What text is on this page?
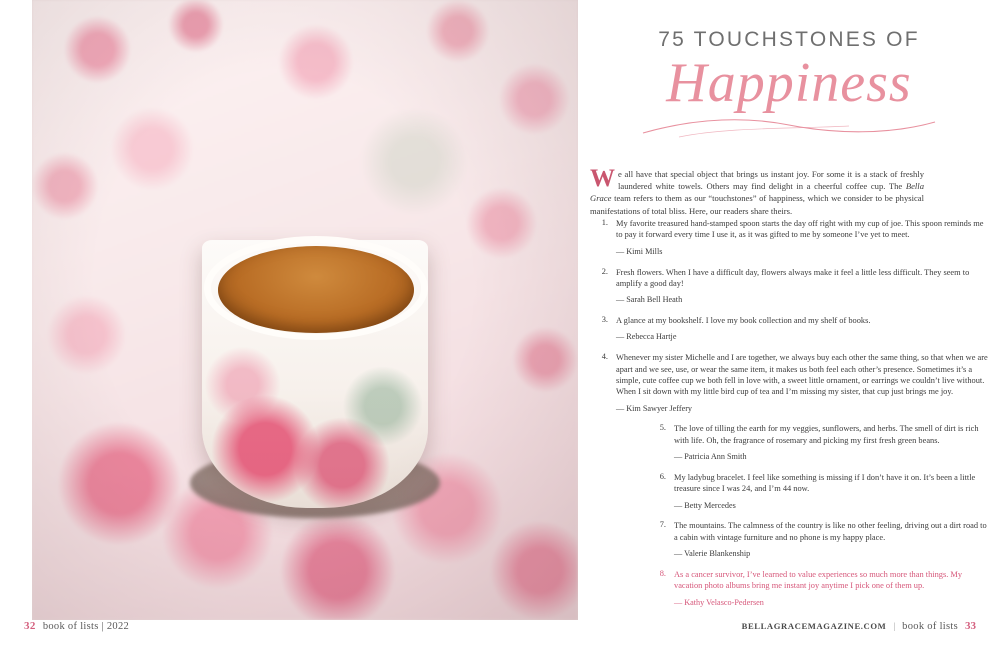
32 book of lists | 2022
75 TOUCHSTONES OF
Happiness
We all have that special object that brings us instant joy. For some it is a stack of freshly laundered white towels. Others may find delight in a cheerful coffee cup. The Bella Grace team refers to them as our “touchstones” of happiness, which we consider to be physical manifestations of total bliss. Here, our readers share theirs.
1. My favorite treasured hand-stamped spoon starts the day off right with my cup of joe. This spoon reminds me to pay it forward every time I use it, as it was gifted to me by someone I’ve yet to meet.
— Kimi Mills
2. Fresh flowers. When I have a difficult day, flowers always make it feel a little less difficult. They seem to amplify a good day!
— Sarah Bell Heath
3. A glance at my bookshelf. I love my book collection and my shelf of books.
— Rebecca Hartje
4. Whenever my sister Michelle and I are together, we always buy each other the same thing, so that when we are apart and we see, use, or wear the same item, it makes us both feel each other’s presence. Sometimes it’s a simple, cute coffee cup we both fell in love with, a sweet little ornament, or earrings we couldn’t live without. When I sit down with my little bird cup of tea and I’m missing my sister, that cup just brings me joy.
— Kim Sawyer Jeffery
5. The love of tilling the earth for my veggies, sunflowers, and herbs. The smell of dirt is rich with life. Oh, the fragrance of rosemary and picking my first fresh green beans.
— Patricia Ann Smith
6. My ladybug bracelet. I feel like something is missing if I don’t have it on. It’s been a little treasure since I was 24, and I’m 44 now.
— Betty Mercedes
7. The mountains. The calmness of the country is like no other feeling, driving out a dirt road to a cabin with vintage furniture and no phone is my happy place.
— Valerie Blankenship
8. As a cancer survivor, I’ve learned to value experiences so much more than things. My vacation photo albums bring me instant joy anytime I pick one of them up.
— Kathy Velasco-Pedersen
BELLAGRACEMAGAZINE.COM | book of lists 33
